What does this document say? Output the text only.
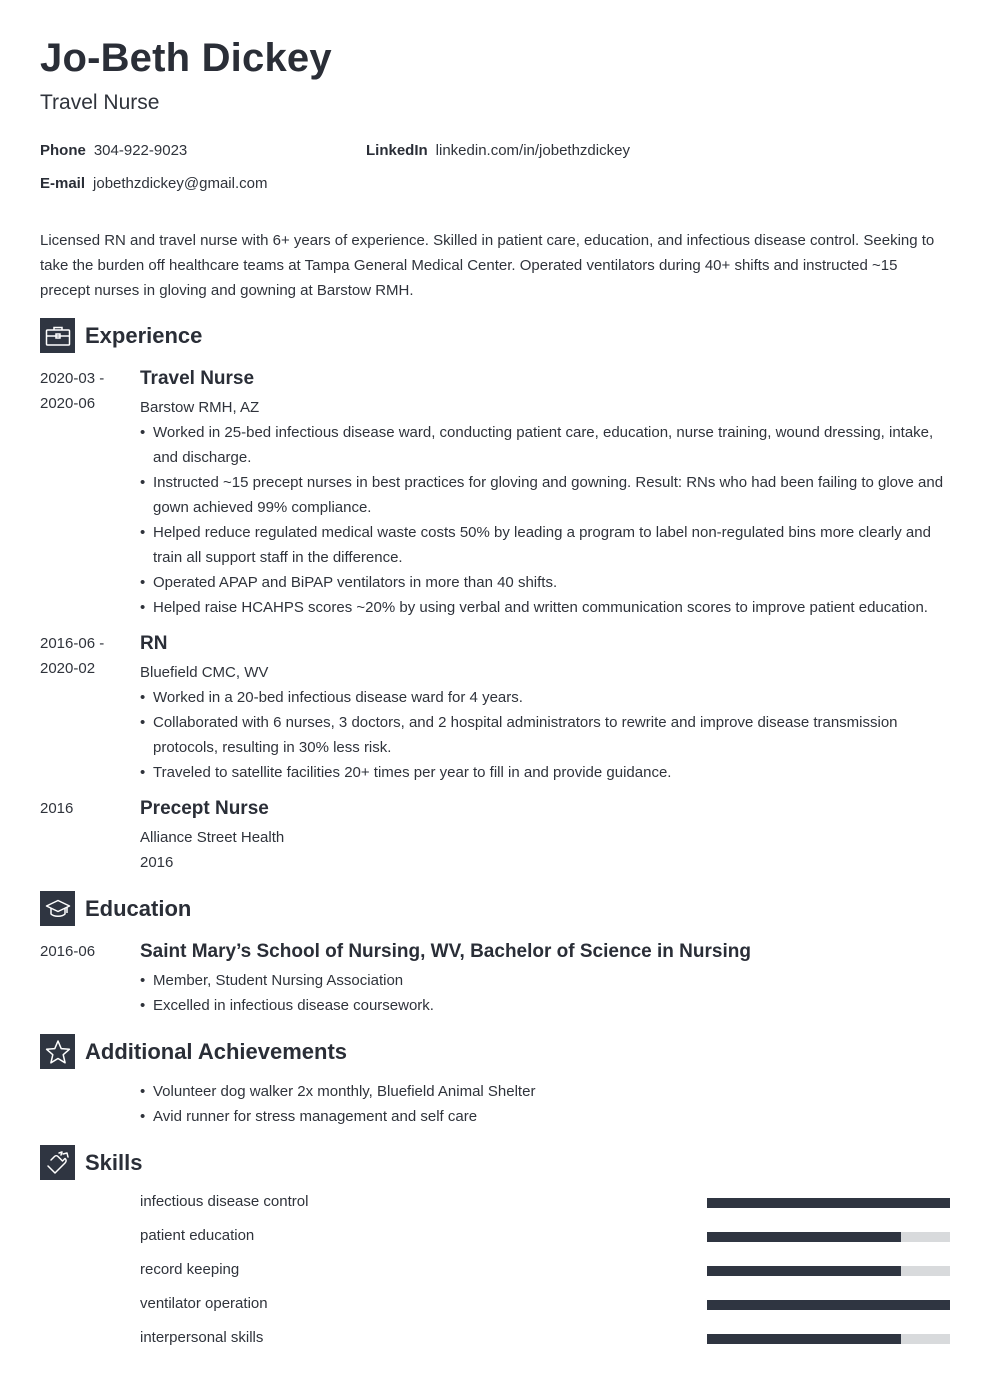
Jo-Beth Dickey
Travel Nurse
Phone 304-922-9023	LinkedIn linkedin.com/in/jobethzdickey
E-mail jobethzdickey@gmail.com
Licensed RN and travel nurse with 6+ years of experience. Skilled in patient care, education, and infectious disease control. Seeking to take the burden off healthcare teams at Tampa General Medical Center. Operated ventilators during 40+ shifts and instructed ~15 precept nurses in gloving and gowning at Barstow RMH.
Experience
2020-03 -
2020-06
Travel Nurse
Barstow RMH, AZ
• Worked in 25-bed infectious disease ward, conducting patient care, education, nurse training, wound dressing, intake, and discharge.
• Instructed ~15 precept nurses in best practices for gloving and gowning. Result: RNs who had been failing to glove and gown achieved 99% compliance.
• Helped reduce regulated medical waste costs 50% by leading a program to label non-regulated bins more clearly and train all support staff in the difference.
• Operated APAP and BiPAP ventilators in more than 40 shifts.
• Helped raise HCAHPS scores ~20% by using verbal and written communication scores to improve patient education.
2016-06 -
2020-02
RN
Bluefield CMC, WV
• Worked in a 20-bed infectious disease ward for 4 years.
• Collaborated with 6 nurses, 3 doctors, and 2 hospital administrators to rewrite and improve disease transmission protocols, resulting in 30% less risk.
• Traveled to satellite facilities 20+ times per year to fill in and provide guidance.
2016	Precept Nurse
Alliance Street Health
2016
Education
2016-06	Saint Mary’s School of Nursing, WV, Bachelor of Science in Nursing
• Member, Student Nursing Association
• Excelled in infectious disease coursework.
Additional Achievements
• Volunteer dog walker 2x monthly, Bluefield Animal Shelter
• Avid runner for stress management and self care
Skills
infectious disease control
patient education
record keeping
ventilator operation
interpersonal skills
